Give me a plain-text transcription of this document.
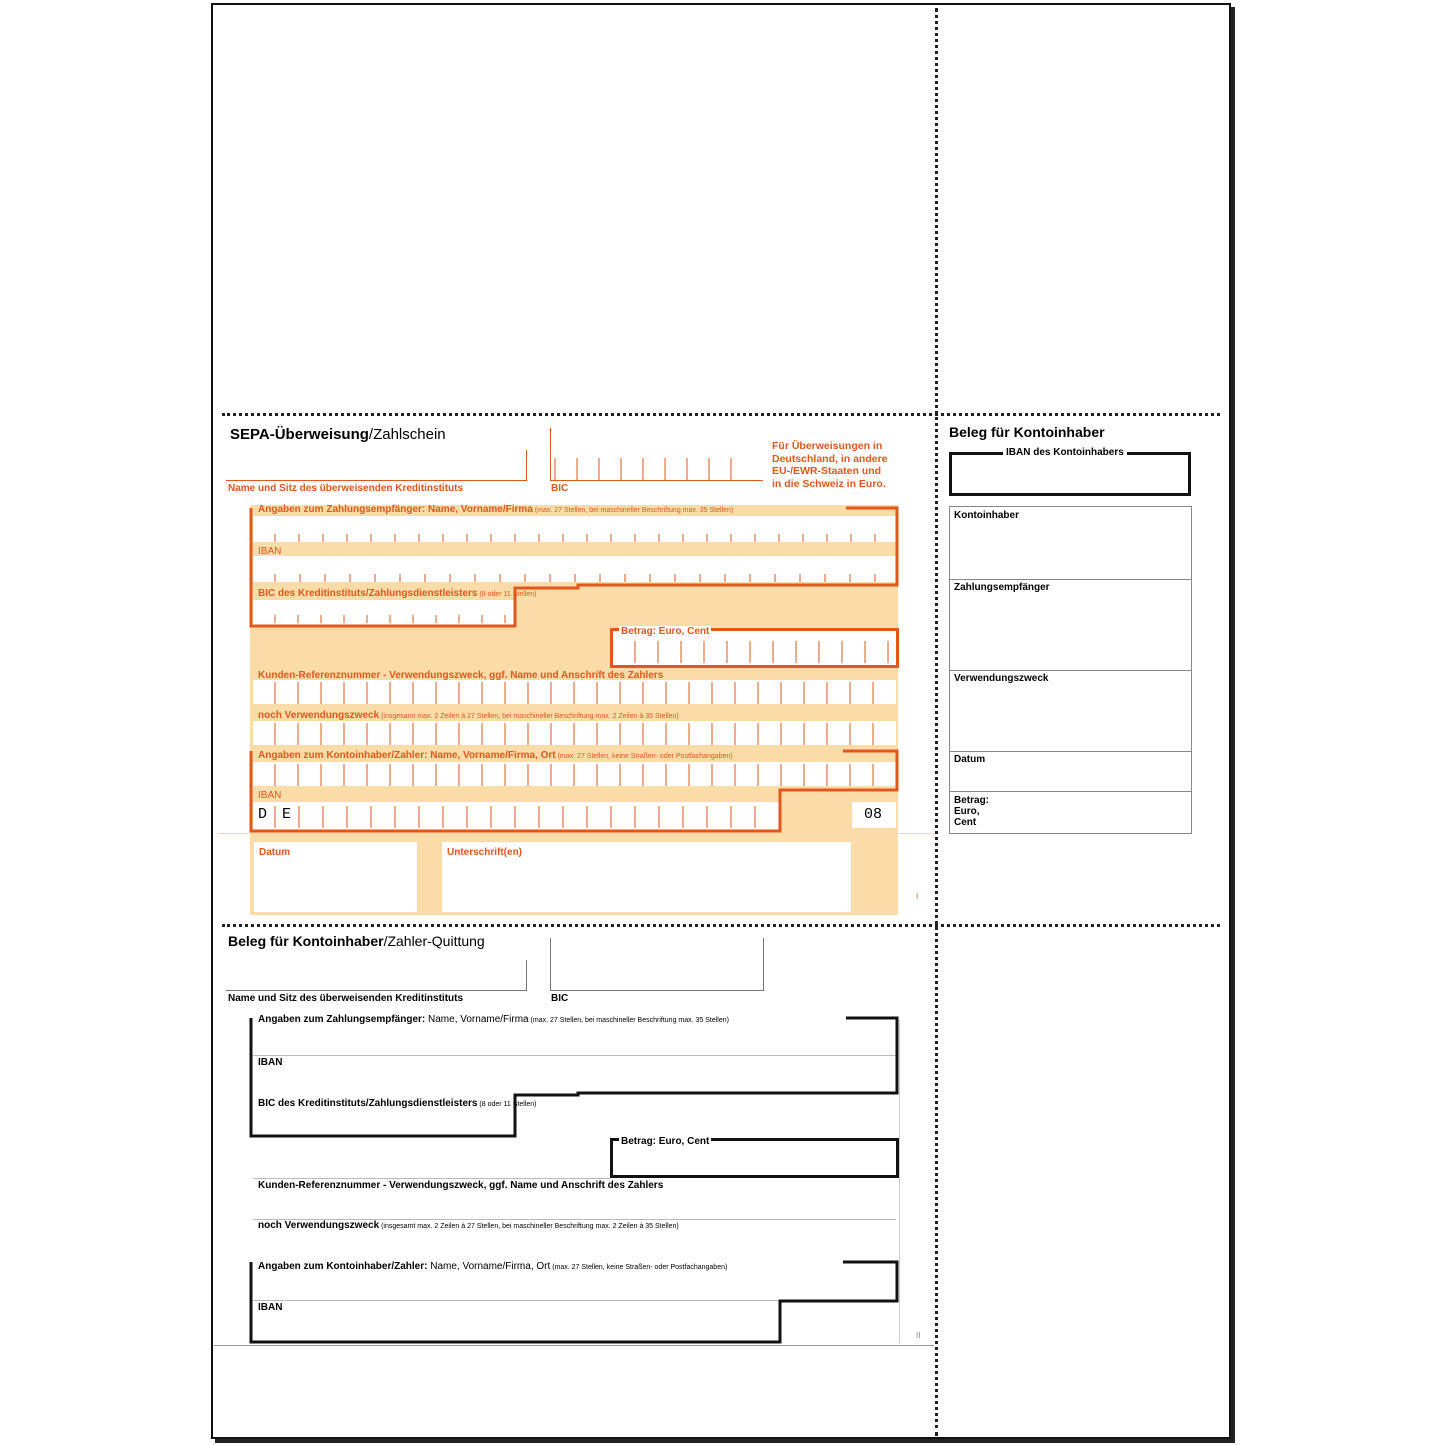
SEPA-Überweisung/Zahlschein
Name und Sitz des überweisenden Kreditinstituts	BIC
Für Überweisungen in
Deutschland, in andere
EU-/EWR-Staaten und
in die Schweiz in Euro.
Angaben zum Zahlungsempfänger: Name, Vorname/Firma (max. 27 Stellen, bei maschineller Beschriftung max. 35 Stellen)
IBAN
BIC des Kreditinstituts/Zahlungsdienstleisters (8 oder 11 Stellen)
Betrag: Euro, Cent
Kunden-Referenznummer - Verwendungszweck, ggf. Name und Anschrift des Zahlers
noch Verwendungszweck (insgesamt max. 2 Zeilen à 27 Stellen, bei maschineller Beschriftung max. 2 Zeilen à 35 Stellen)
Angaben zum Kontoinhaber/Zahler: Name, Vorname/Firma, Ort (max. 27 Stellen, keine Straßen- oder Postfachangaben)
IBAN
D E	08
Datum	Unterschrift(en)
I
Beleg für Kontoinhaber/Zahler-Quittung
Name und Sitz des überweisenden Kreditinstituts	BIC
Angaben zum Zahlungsempfänger: Name, Vorname/Firma (max. 27 Stellen, bei maschineller Beschriftung max. 35 Stellen)
IBAN
BIC des Kreditinstituts/Zahlungsdienstleisters (8 oder 11 Stellen)
Betrag: Euro, Cent
Kunden-Referenznummer - Verwendungszweck, ggf. Name und Anschrift des Zahlers
noch Verwendungszweck (insgesamt max. 2 Zeilen à 27 Stellen, bei maschineller Beschriftung max. 2 Zeilen à 35 Stellen)
Angaben zum Kontoinhaber/Zahler: Name, Vorname/Firma, Ort (max. 27 Stellen, keine Straßen- oder Postfachangaben)
IBAN
II
Beleg für Kontoinhaber
IBAN des Kontoinhabers
Kontoinhaber
Zahlungsempfänger
Verwendungszweck
Datum
Betrag: Euro, Cent
